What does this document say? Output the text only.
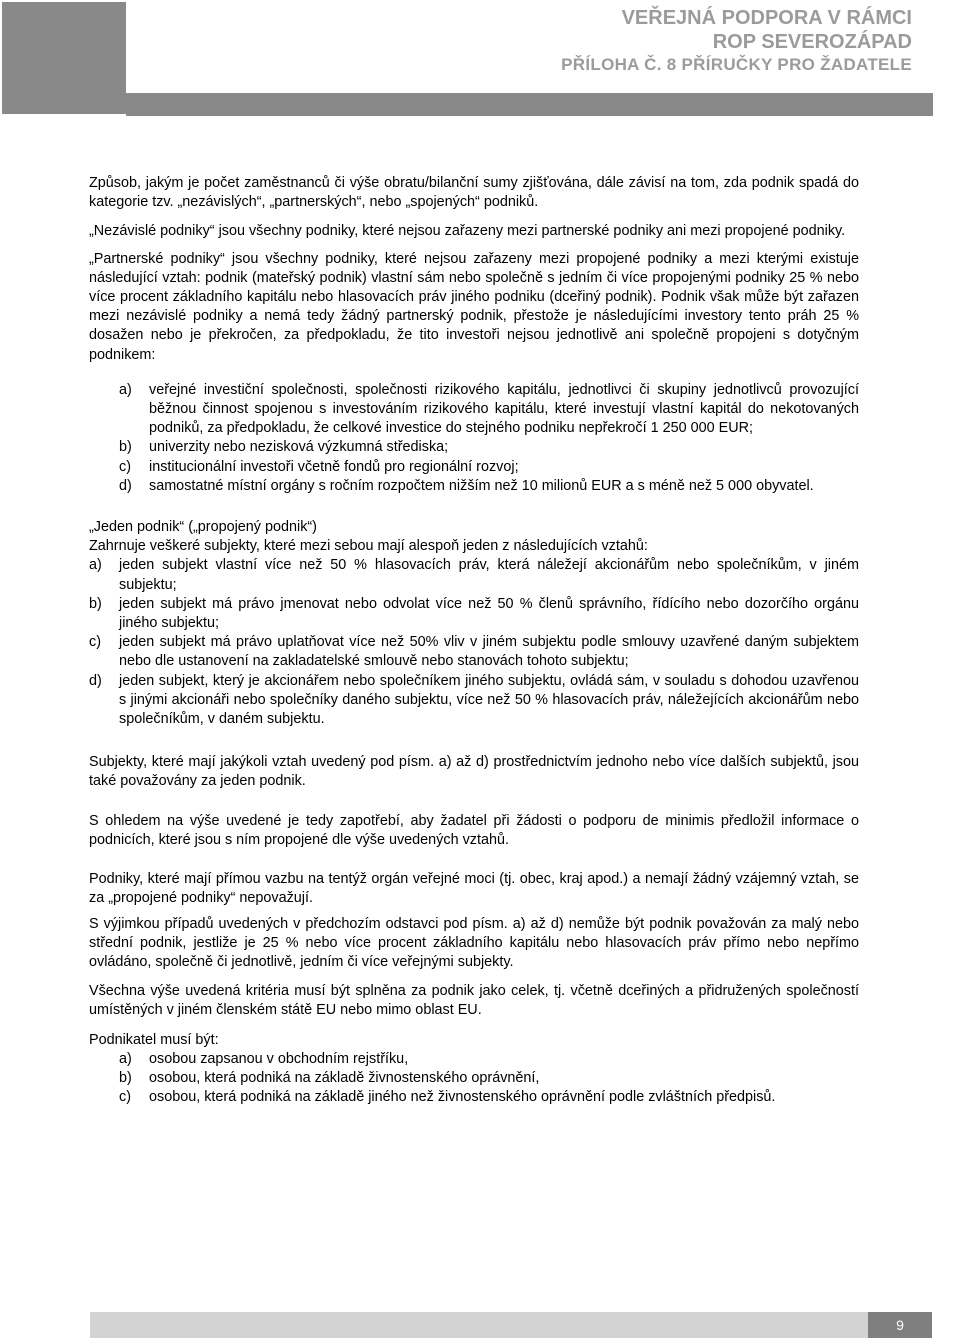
VEŘEJNÁ PODPORA V RÁMCI
ROP SEVEROZÁPAD
PŘÍLOHA Č. 8 PŘÍRUČKY PRO ŽADATELE

Způsob, jakým je počet zaměstnanců či výše obratu/bilanční sumy zjišťována, dále závisí na tom, zda podnik spadá do kategorie tzv. „nezávislých“, „partnerských“, nebo „spojených“ podniků.

„Nezávislé podniky“ jsou všechny podniky, které nejsou zařazeny mezi partnerské podniky ani mezi propojené podniky.

„Partnerské podniky“ jsou všechny podniky, které nejsou zařazeny mezi propojené podniky a mezi kterými existuje následující vztah: podnik (mateřský podnik) vlastní sám nebo společně s jedním či více propojenými podniky 25 % nebo více procent základního kapitálu nebo hlasovacích práv jiného podniku (dceřiný podnik). Podnik však může být zařazen mezi nezávislé podniky a nemá tedy žádný partnerský podnik, přestože je následujícími investory tento práh 25 % dosažen nebo je překročen, za předpokladu, že tito investoři nejsou jednotlivě ani společně propojeni s dotyčným podnikem:

a) veřejné investiční společnosti, společnosti rizikového kapitálu, jednotlivci či skupiny jednotlivců provozující běžnou činnost spojenou s investováním rizikového kapitálu, které investují vlastní kapitál do nekotovaných podniků, za předpokladu, že celkové investice do stejného podniku nepřekročí 1 250 000 EUR;
b) univerzity nebo nezisková výzkumná střediska;
c) institucionální investoři včetně fondů pro regionální rozvoj;
d) samostatné místní orgány s ročním rozpočtem nižším než 10 milionů EUR a s méně než 5 000 obyvatel.

„Jeden podnik“ („propojený podnik“)

Zahrnuje veškeré subjekty, které mezi sebou mají alespoň jeden z následujících vztahů:

a) jeden subjekt vlastní více než 50 % hlasovacích práv, která náležejí akcionářům nebo společníkům, v jiném subjektu;
b) jeden subjekt má právo jmenovat nebo odvolat více než 50 % členů správního, řídícího nebo dozorčího orgánu jiného subjektu;
c) jeden subjekt má právo uplatňovat více než 50% vliv v jiném subjektu podle smlouvy uzavřené daným subjektem nebo dle ustanovení na zakladatelské smlouvě nebo stanovách tohoto subjektu;
d) jeden subjekt, který je akcionářem nebo společníkem jiného subjektu, ovládá sám, v souladu s dohodou uzavřenou s jinými akcionáři nebo společníky daného subjektu, více než 50 % hlasovacích práv, náležejících akcionářům nebo společníkům, v daném subjektu.

Subjekty, které mají jakýkoli vztah uvedený pod písm. a) až d) prostřednictvím jednoho nebo více dalších subjektů, jsou také považovány za jeden podnik.

S ohledem na výše uvedené je tedy zapotřebí, aby žadatel při žádosti o podporu de minimis předložil informace o podnicích, které jsou s ním propojené dle výše uvedených vztahů.

Podniky, které mají přímou vazbu na tentýž orgán veřejné moci (tj. obec, kraj apod.) a nemají žádný vzájemný vztah, se za „propojené podniky“ nepovažují.

S výjimkou případů uvedených v předchozím odstavci pod písm. a) až d) nemůže být podnik považován za malý nebo střední podnik, jestliže je 25 % nebo více procent základního kapitálu nebo hlasovacích práv přímo nebo nepřímo ovládáno, společně či jednotlivě, jedním či více veřejnými subjekty.

Všechna výše uvedená kritéria musí být splněna za podnik jako celek, tj. včetně dceřiných a přidružených společností umístěných v jiném členském státě EU nebo mimo oblast EU.

Podnikatel musí být:

a) osobou zapsanou v obchodním rejstříku,
b) osobou, která podniká na základě živnostenského oprávnění,
c) osobou, která podniká na základě jiného než živnostenského oprávnění podle zvláštních předpisů.
9
